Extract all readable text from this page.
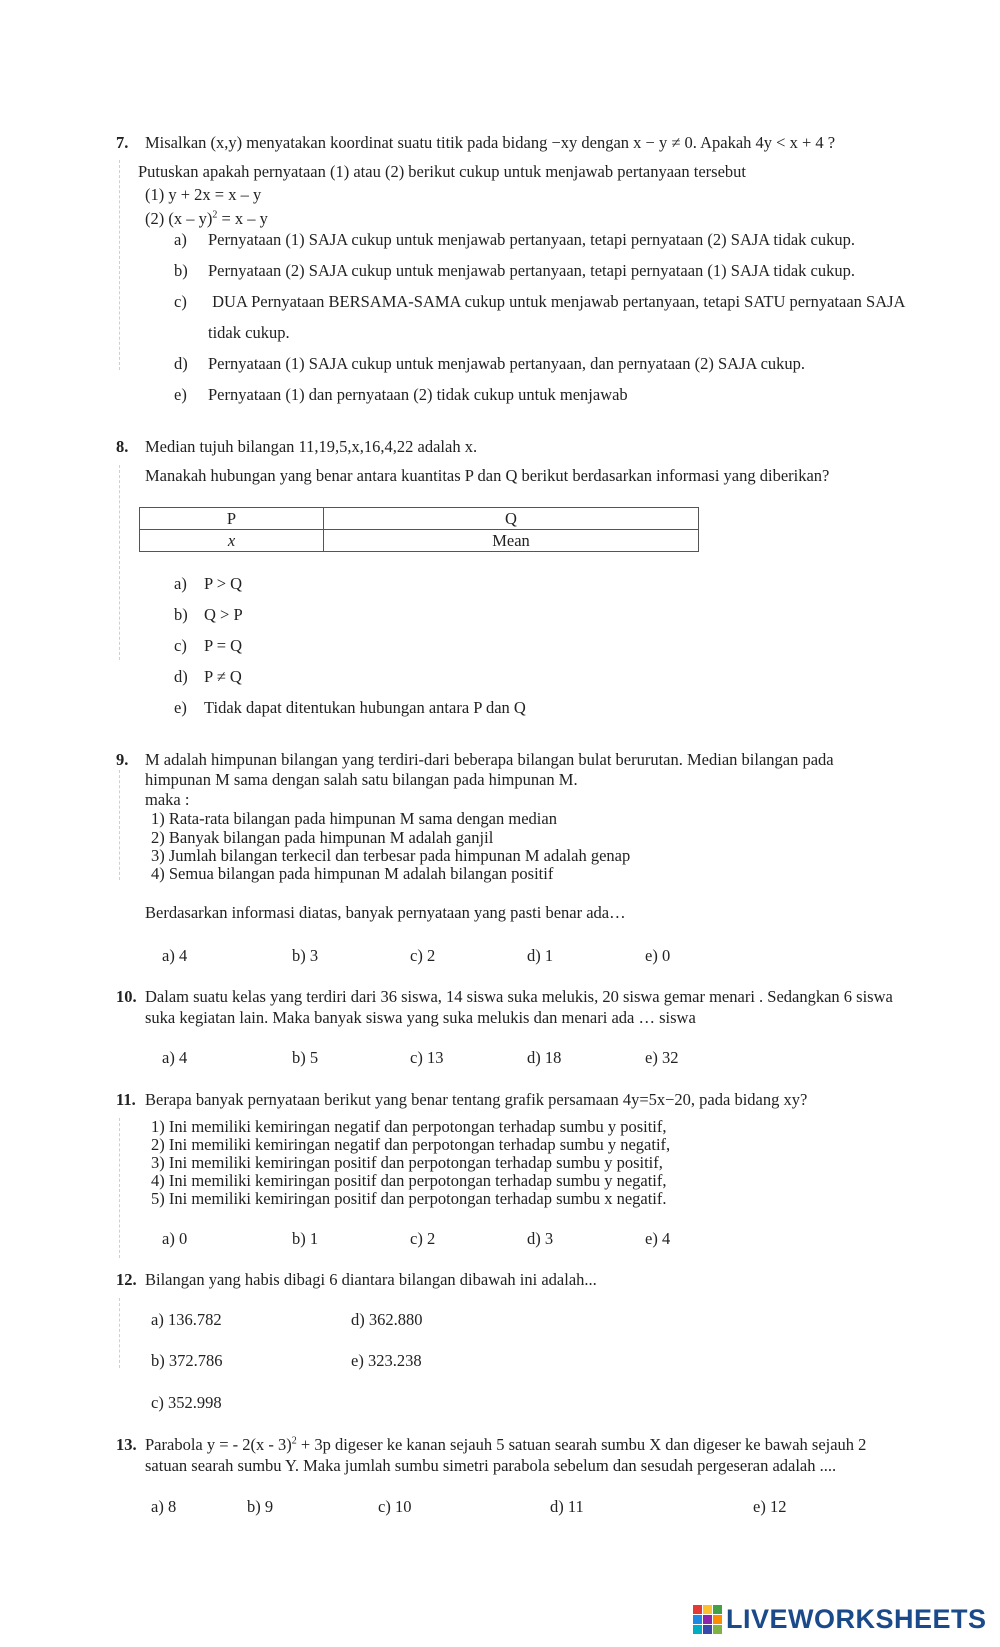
7. Misalkan (x,y) menyatakan koordinat suatu titik pada bidang −xy dengan x − y ≠ 0. Apakah 4y < x + 4 ?
Putuskan apakah pernyataan (1) atau (2) berikut cukup untuk menjawab pertanyaan tersebut
(1) y + 2x = x – y
(2) (x – y)$^2$ = x – y
a) Pernyataan (1) SAJA cukup untuk menjawab pertanyaan, tetapi pernyataan (2) SAJA tidak cukup.
b) Pernyataan (2) SAJA cukup untuk menjawab pertanyaan, tetapi pernyataan (1) SAJA tidak cukup.
c) DUA Pernyataan BERSAMA-SAMA cukup untuk menjawab pertanyaan, tetapi SATU pernyataan SAJA
tidak cukup.
d) Pernyataan (1) SAJA cukup untuk menjawab pertanyaan, dan pernyataan (2) SAJA cukup.
e) Pernyataan (1) dan pernyataan (2) tidak cukup untuk menjawab
8. Median tujuh bilangan 11,19,5,x,16,4,22 adalah x.
Manakah hubungan yang benar antara kuantitas P dan Q berikut berdasarkan informasi yang diberikan?
P	Q
x	Mean
a) P > Q
b) Q > P
c) P = Q
d) P ≠ Q
e) Tidak dapat ditentukan hubungan antara P dan Q
9. M adalah himpunan bilangan yang terdiri-dari beberapa bilangan bulat berurutan. Median bilangan pada
himpunan M sama dengan salah satu bilangan pada himpunan M.
maka :
1) Rata-rata bilangan pada himpunan M sama dengan median
2) Banyak bilangan pada himpunan M adalah ganjil
3) Jumlah bilangan terkecil dan terbesar pada himpunan M adalah genap
4) Semua bilangan pada himpunan M adalah bilangan positif
Berdasarkan informasi diatas, banyak pernyataan yang pasti benar ada…
a) 4	b) 3	c) 2	d) 1	e) 0
10. Dalam suatu kelas yang terdiri dari 36 siswa, 14 siswa suka melukis, 20 siswa gemar menari . Sedangkan 6 siswa
suka kegiatan lain. Maka banyak siswa yang suka melukis dan menari ada … siswa
a) 4	b) 5	c) 13	d) 18	e) 32
11. Berapa banyak pernyataan berikut yang benar tentang grafik persamaan 4y=5x−20, pada bidang xy?
1) Ini memiliki kemiringan negatif dan perpotongan terhadap sumbu y positif,
2) Ini memiliki kemiringan negatif dan perpotongan terhadap sumbu y negatif,
3) Ini memiliki kemiringan positif dan perpotongan terhadap sumbu y positif,
4) Ini memiliki kemiringan positif dan perpotongan terhadap sumbu y negatif,
5) Ini memiliki kemiringan positif dan perpotongan terhadap sumbu x negatif.
a) 0	b) 1	c) 2	d) 3	e) 4
12. Bilangan yang habis dibagi 6 diantara bilangan dibawah ini adalah...
a) 136.782	d) 362.880
b) 372.786	e) 323.238
c) 352.998
13. Parabola y = - 2(x - 3)$^2$ + 3p digeser ke kanan sejauh 5 satuan searah sumbu X dan digeser ke bawah sejauh 2
satuan searah sumbu Y. Maka jumlah sumbu simetri parabola sebelum dan sesudah pergeseran adalah ....
a) 8	b) 9	c) 10	d) 11	e) 12
LIVEWORKSHEETS
